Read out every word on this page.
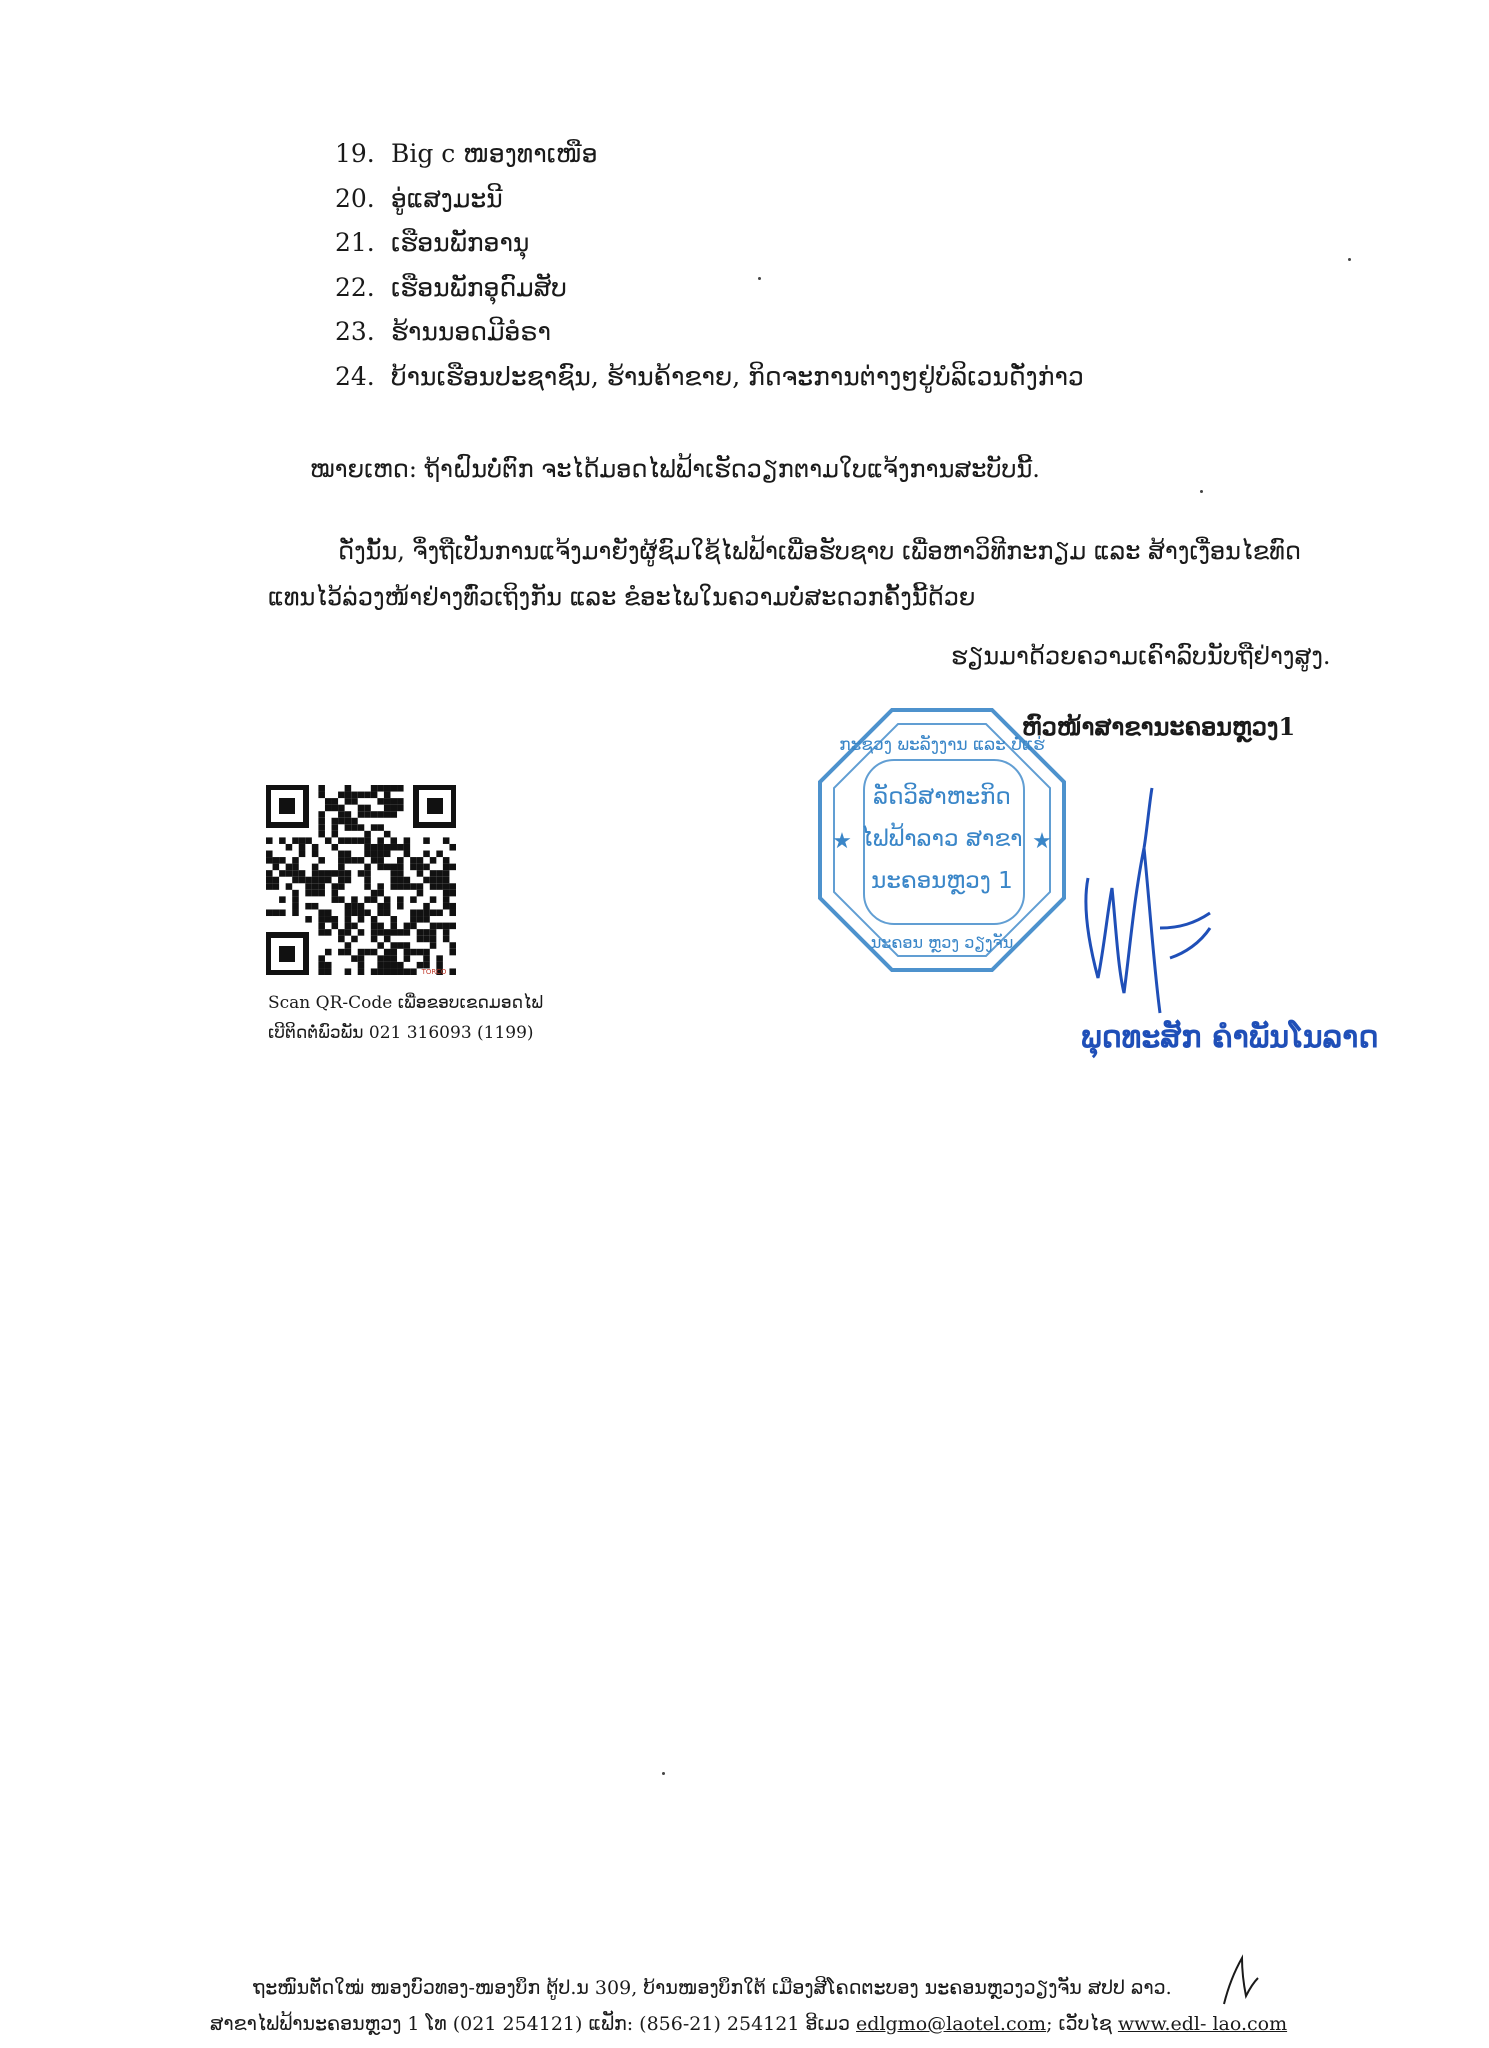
19. Big c ໜອງທາເໜືອ
20. ອູ່ແສງມະນີ
21. ເຮືອນພັກອານຸ
22. ເຮືອນພັກອຸດົມສັບ
23. ຮ້ານນອດມີອໍຣາ
24. ບ້ານເຮືອນປະຊາຊົນ, ຮ້ານຄ້າຂາຍ, ກິດຈະການຕ່າງໆຢູ່ບໍລິເວນດັ່ງກ່າວ
ໝາຍເຫດ: ຖ້າຝົນບໍ່ຕົກ ຈະໄດ້ມອດໄຟຟ້າເຮັດວຽກຕາມໃບແຈ້ງການສະບັບນີ້.
ດັ່ງນັ້ນ, ຈຶ່ງຖືເປັນການແຈ້ງມາຍັງຜູ້ຊົມໃຊ້ໄຟຟ້າເພື່ອຮັບຊາບ ເພື່ອຫາວິທີກະກຽມ ແລະ ສ້າງເງື່ອນໄຂທົດແທນໄວ້ລ່ວງໜ້າຢ່າງທົ່ວເຖິງກັນ ແລະ ຂໍອະໄພໃນຄວາມບໍ່ສະດວກຄັ້ງນີ້ດ້ວຍ
ຮຽນມາດ້ວຍຄວາມເຄົາລົບນັບຖືຢ່າງສູງ.
ກະຊວງ ພະລັງງານ ແລະ ບໍ່ແຮ່
ລັດວິສາຫະກິດ
ໄຟຟ້າລາວ ສາຂາ
ນະຄອນຫຼວງ 1
ນະຄອນ ຫຼວງ ວຽງຈັນ
★	★
ຫົວໜ້າສາຂານະຄອນຫຼວງ1
ພຸດທະສັກ ຄຳພັນໂນລາດ
TORCO
Scan QR-Code ເພື່ອຂອບເຂດມອດໄຟ
ເບີຕິດຕໍ່ພົວພັນ 021 316093 (1199)
ຖະໜົນຕັດໃໝ່ ໜອງບົວທອງ-ໜອງບຶກ ຕູ້ປ.ນ 309, ບ້ານໜອງບຶກໃຕ້ ເມືອງສີໂຄດຕະບອງ ນະຄອນຫຼວງວຽງຈັນ ສປປ ລາວ.
ສາຂາໄຟຟ້ານະຄອນຫຼວງ 1 ໂທ (021 254121) ແຟັກ: (856-21) 254121 ອີເມວ edlgmo@laotel.com; ເວັບໄຊ www.edl- lao.com
